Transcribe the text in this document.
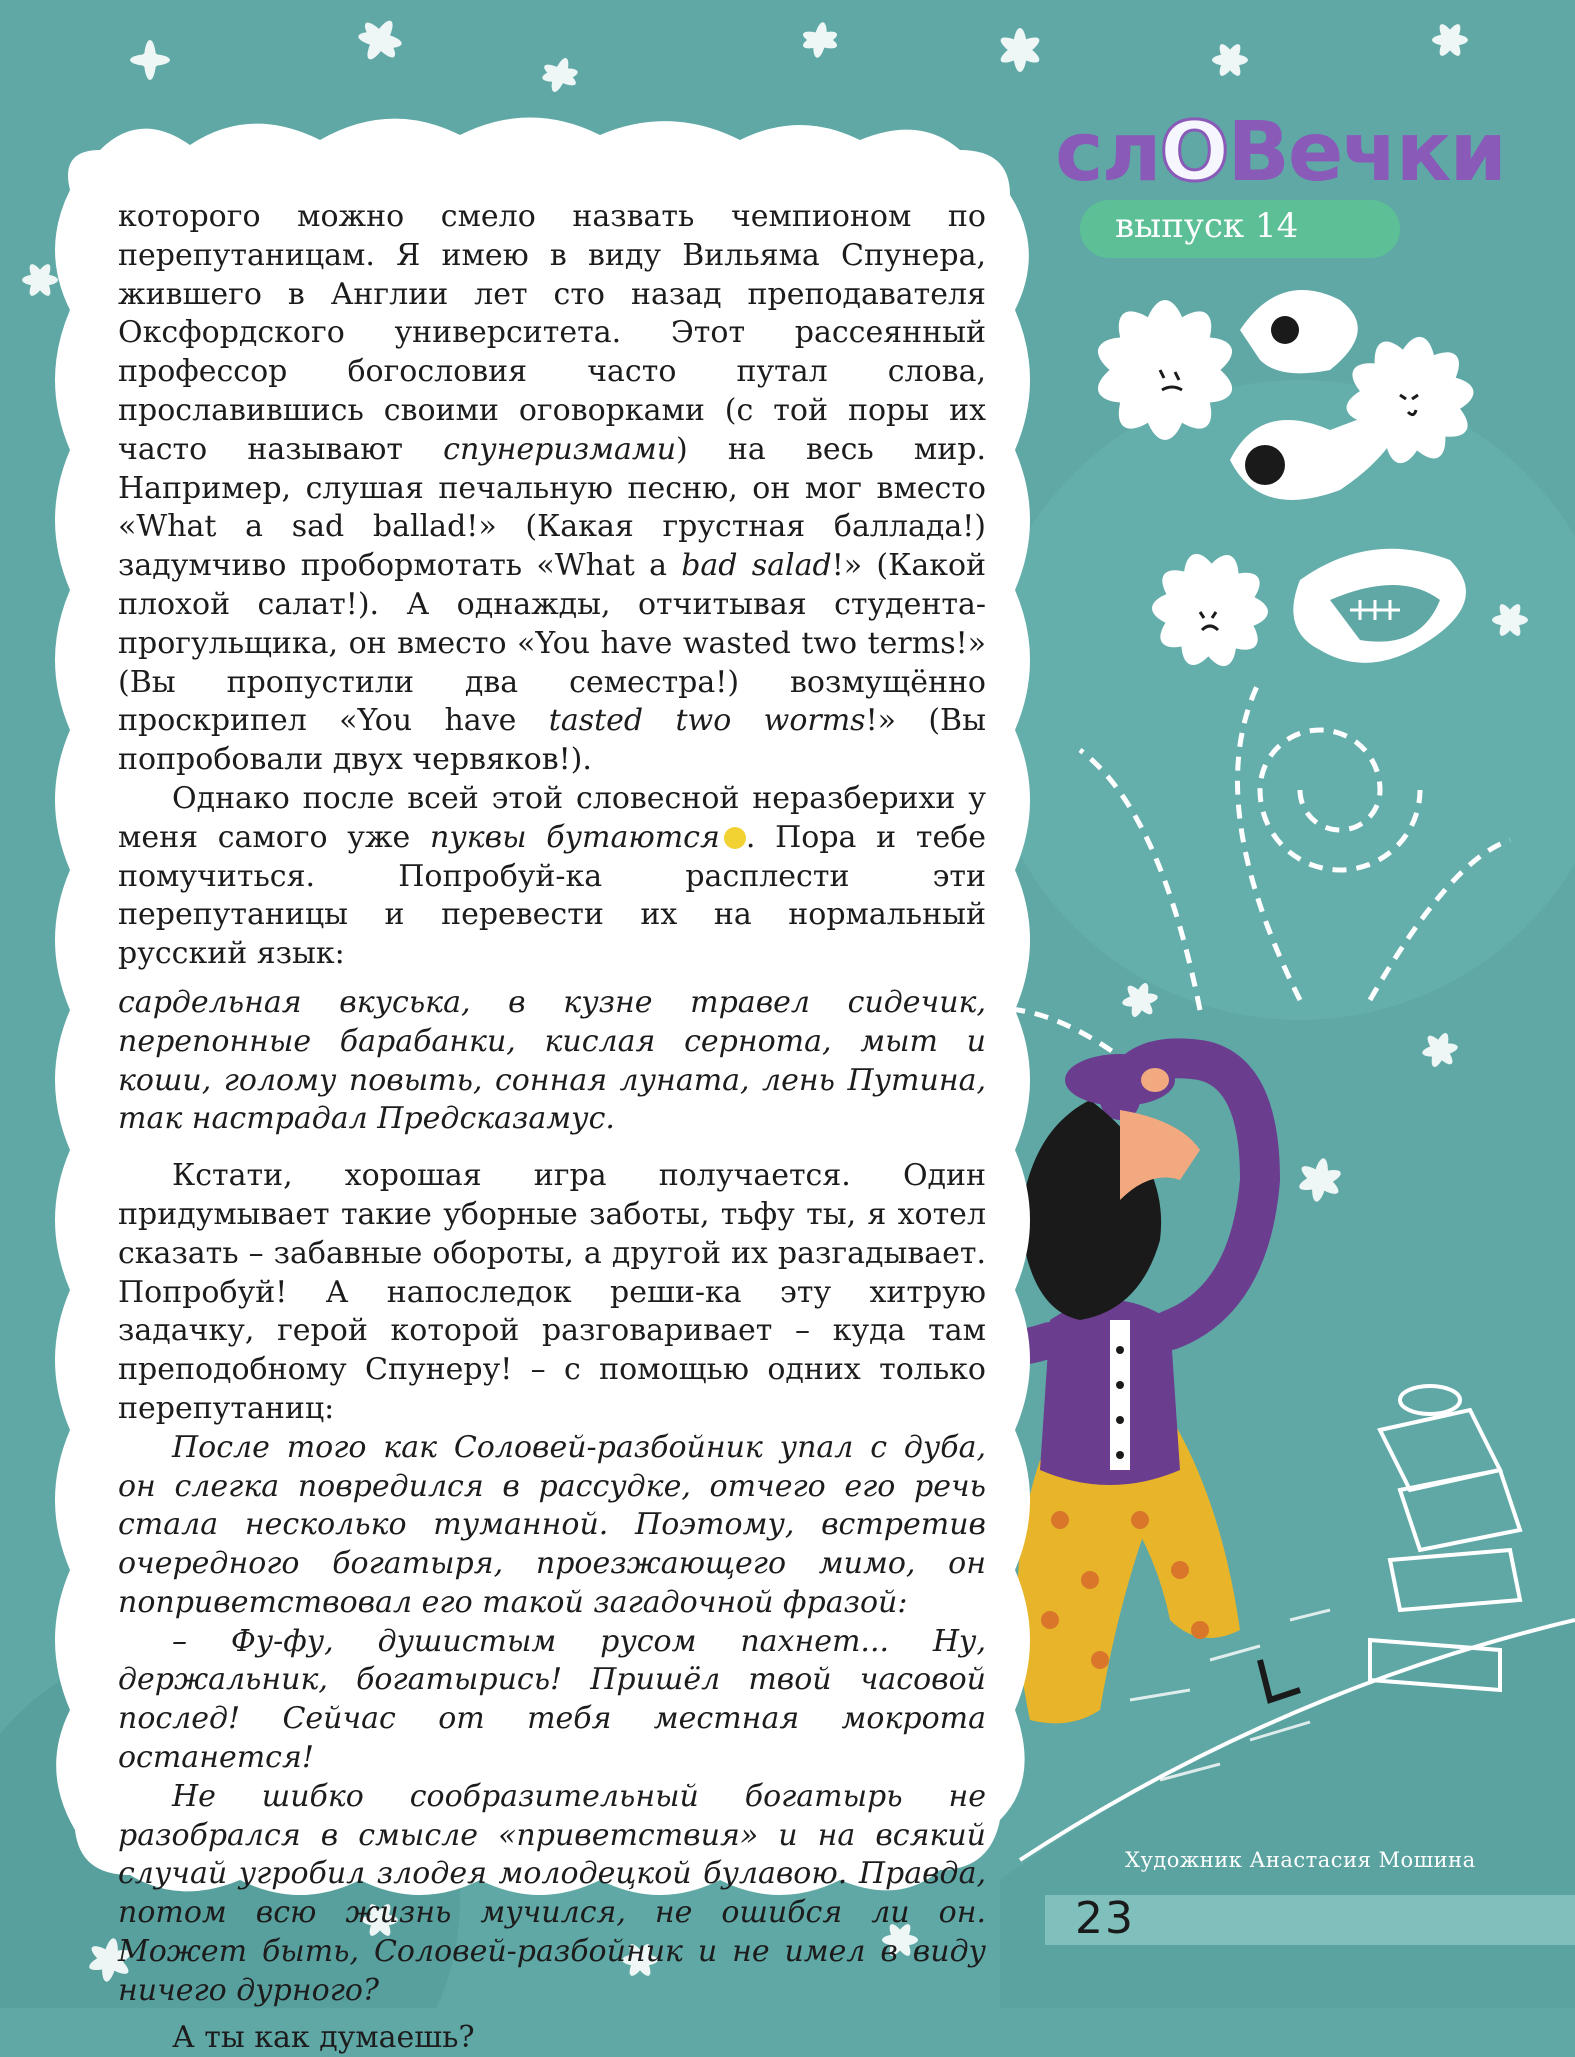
слОВечки
выпуск 14

которого можно смело назвать чемпионом по перепутаницам. Я имею в виду Вильяма Спунера, жившего в Англии лет сто назад преподавателя Оксфордского университета. Этот рассеянный профессор богословия часто путал слова, прославившись своими оговорками (с той поры их часто называют спунеризмами) на весь мир. Например, слушая печальную песню, он мог вместо «What a sad ballad!» (Какая грустная баллада!) задумчиво пробормотать «What a bad salad!» (Какой плохой салат!). А однажды, отчитывая студента-прогульщика, он вместо «You have wasted two terms!» (Вы пропустили два семестра!) возмущённо проскрипел «You have tasted two worms!» (Вы попробовали двух червяков!).

Однако после всей этой словесной неразберихи у меня самого уже пуквы бутаются . Пора и тебе помучиться. Попробуй-ка расплести эти перепутаницы и перевести их на нормальный русский язык:

сардельная вкуська, в кузне травел сидечик, перепонные барабанки, кислая сернота, мыт и коши, голому повыть, сонная луната, лень Путина, так настрадал Предсказамус.

Кстати, хорошая игра получается. Один придумывает такие уборные заботы, тьфу ты, я хотел сказать – забавные обороты, а другой их разгадывает. Попробуй! А напоследок реши-ка эту хитрую задачку, герой которой разговаривает – куда там преподобному Спунеру! – с помощью одних только перепутаниц:

После того как Соловей-разбойник упал с дуба, он слегка повредился в рассудке, отчего его речь стала несколько туманной. Поэтому, встретив очередного богатыря, проезжающего мимо, он поприветствовал его такой загадочной фразой:

– Фу-фу, душистым русом пахнет... Ну, держальник, богатырись! Пришёл твой часовой послед! Сейчас от тебя местная мокрота останется!

Не шибко сообразительный богатырь не разобрался в смысле «приветствия» и на всякий случай угробил злодея молодецкой булавою. Правда, потом всю жизнь мучился, не ошибся ли он. Может быть, Соловей-разбойник и не имел в виду ничего дурного?

А ты как думаешь?

Художник Анастасия Мошина
23
